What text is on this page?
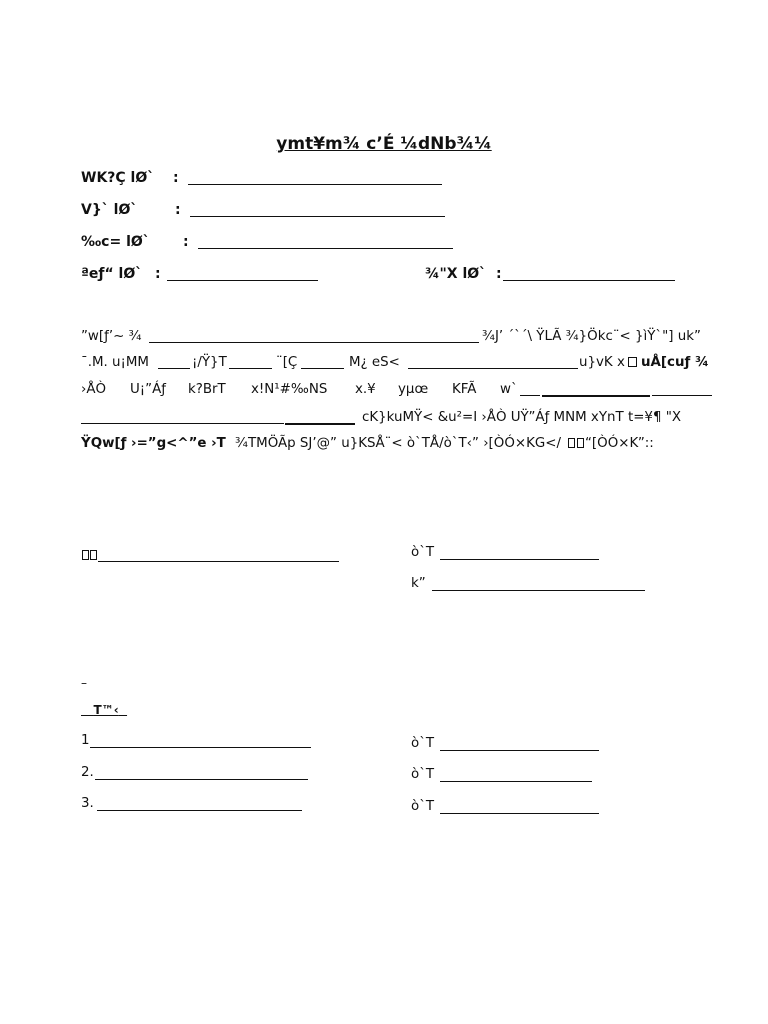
ymt¥m¾ c’É ¼dNb¾¼
WK?Ç lØ` :
V}` lØ`	:
‰c= lØ` :
ªeƒ“ lØ` :	¾"X lØ` :
”w[ƒ’~ ¾	¾J’ ´`´\ ŸLÃ ¾}Ökc¨< }ìŸ`"] uk”
¯.M. u¡MM	¡/Ÿ}T	¨[Ç	M¿ eS<	u}vK x uÅ[cuƒ ¾
›ÅÒ U¡”Áƒ k?BrT x!N¹#‰NS x.¥ yµœ KFÃ w`
cK}kuMŸ< &u²=I ›ÅÒ UŸ”Áƒ MNM xYnT t=¥¶ "X
ŸQw[ƒ ›=”g<^”e ›T ¾TMÖÃp SJ’@” u}KSÅ¨< ò`TÅ/ò`T‹” ›[ÒÓ×KG</ “[ÒÓ×K”::
ò`T
k”
–
T™‹
1	ò`T
2.	ò`T
3.	ò`T
